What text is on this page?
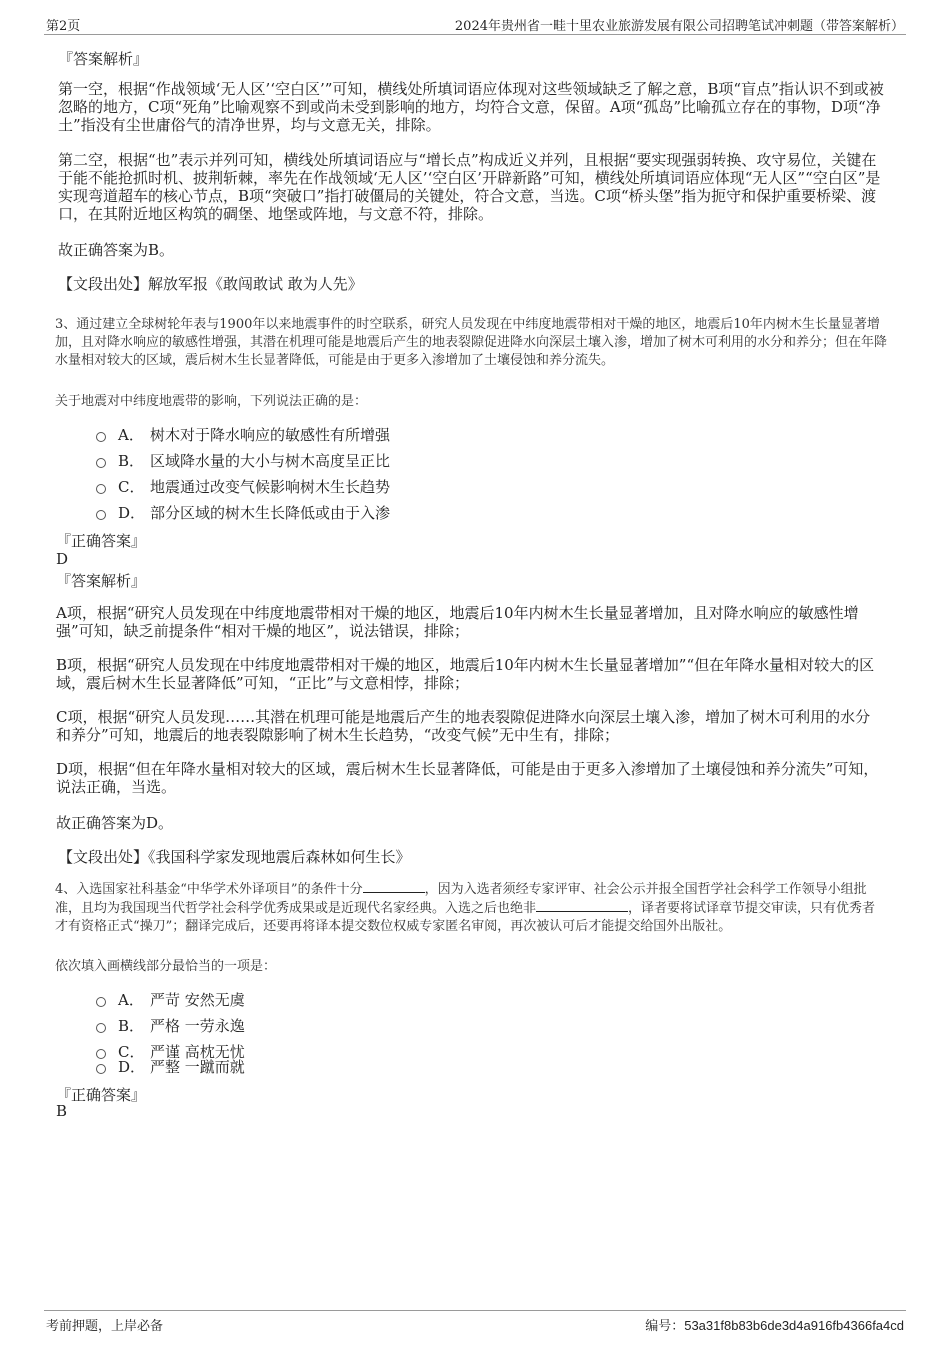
第2页	2024年贵州省一畦十里农业旅游发展有限公司招聘笔试冲刺题（带答案解析）
『答案解析』

第一空，根据“作战领域‘无人区’‘空白区’”可知，横线处所填词语应体现对这些领域缺乏了解之意，B项“盲点”指认识不到或被忽略的地方，C项“死角”比喻观察不到或尚未受到影响的地方，均符合文意，保留。A项“孤岛”比喻孤立存在的事物，D项“净土”指没有尘世庸俗气的清净世界，均与文意无关，排除。

第二空，根据“也”表示并列可知，横线处所填词语应与“增长点”构成近义并列，且根据“要实现强弱转换、攻守易位，关键在于能不能抢抓时机、披荆斩棘，率先在作战领域‘无人区’‘空白区’开辟新路”可知，横线处所填词语应体现“无人区”“空白区”是实现弯道超车的核心节点，B项“突破口”指打破僵局的关键处，符合文意，当选。C项“桥头堡”指为扼守和保护重要桥梁、渡口，在其附近地区构筑的碉堡、地堡或阵地，与文意不符，排除。

故正确答案为B。
【文段出处】解放军报《敢闯敢试 敢为人先》

3、通过建立全球树轮年表与1900年以来地震事件的时空联系，研究人员发现在中纬度地震带相对干燥的地区，地震后10年内树木生长量显著增加，且对降水响应的敏感性增强，其潜在机理可能是地震后产生的地表裂隙促进降水向深层土壤入渗，增加了树木可利用的水分和养分；但在年降水量相对较大的区域，震后树木生长显著降低，可能是由于更多入渗增加了土壤侵蚀和养分流失。

关于地震对中纬度地震带的影响，下列说法正确的是：
A． 树木对于降水响应的敏感性有所增强
B． 区域降水量的大小与树木高度呈正比
C． 地震通过改变气候影响树木生长趋势
D． 部分区域的树木生长降低或由于入渗
『正确答案』
D
『答案解析』

A项，根据“研究人员发现在中纬度地震带相对干燥的地区，地震后10年内树木生长量显著增加，且对降水响应的敏感性增强”可知，缺乏前提条件“相对干燥的地区”，说法错误，排除；

B项，根据“研究人员发现在中纬度地震带相对干燥的地区，地震后10年内树木生长量显著增加”“但在年降水量相对较大的区域，震后树木生长显著降低”可知，“正比”与文意相悖，排除；

C项，根据“研究人员发现……其潜在机理可能是地震后产生的地表裂隙促进降水向深层土壤入渗，增加了树木可利用的水分和养分”可知，地震后的地表裂隙影响了树木生长趋势，“改变气候”无中生有，排除；

D项，根据“但在年降水量相对较大的区域，震后树木生长显著降低，可能是由于更多入渗增加了土壤侵蚀和养分流失”可知，说法正确，当选。

故正确答案为D。
【文段出处】《我国科学家发现地震后森林如何生长》

4、入选国家社科基金“中华学术外译项目”的条件十分	，因为入选者须经专家评审、社会公示并报全国哲学社会科学工作领导小组批准，且均为我国现当代哲学社会科学优秀成果或是近现代名家经典。入选之后也绝非	，译者要将试译章节提交审读，只有优秀者才有资格正式“操刀”；翻译完成后，还要再将译本提交数位权威专家匿名审阅，再次被认可后才能提交给国外出版社。

依次填入画横线部分最恰当的一项是：
A． 严苛 安然无虞
B． 严格 一劳永逸
C． 严谨 高枕无忧
D． 严整 一蹴而就
『正确答案』
B
考前押题，上岸必备	编号：53a31f8b83b6de3d4a916fb4366fa4cd
